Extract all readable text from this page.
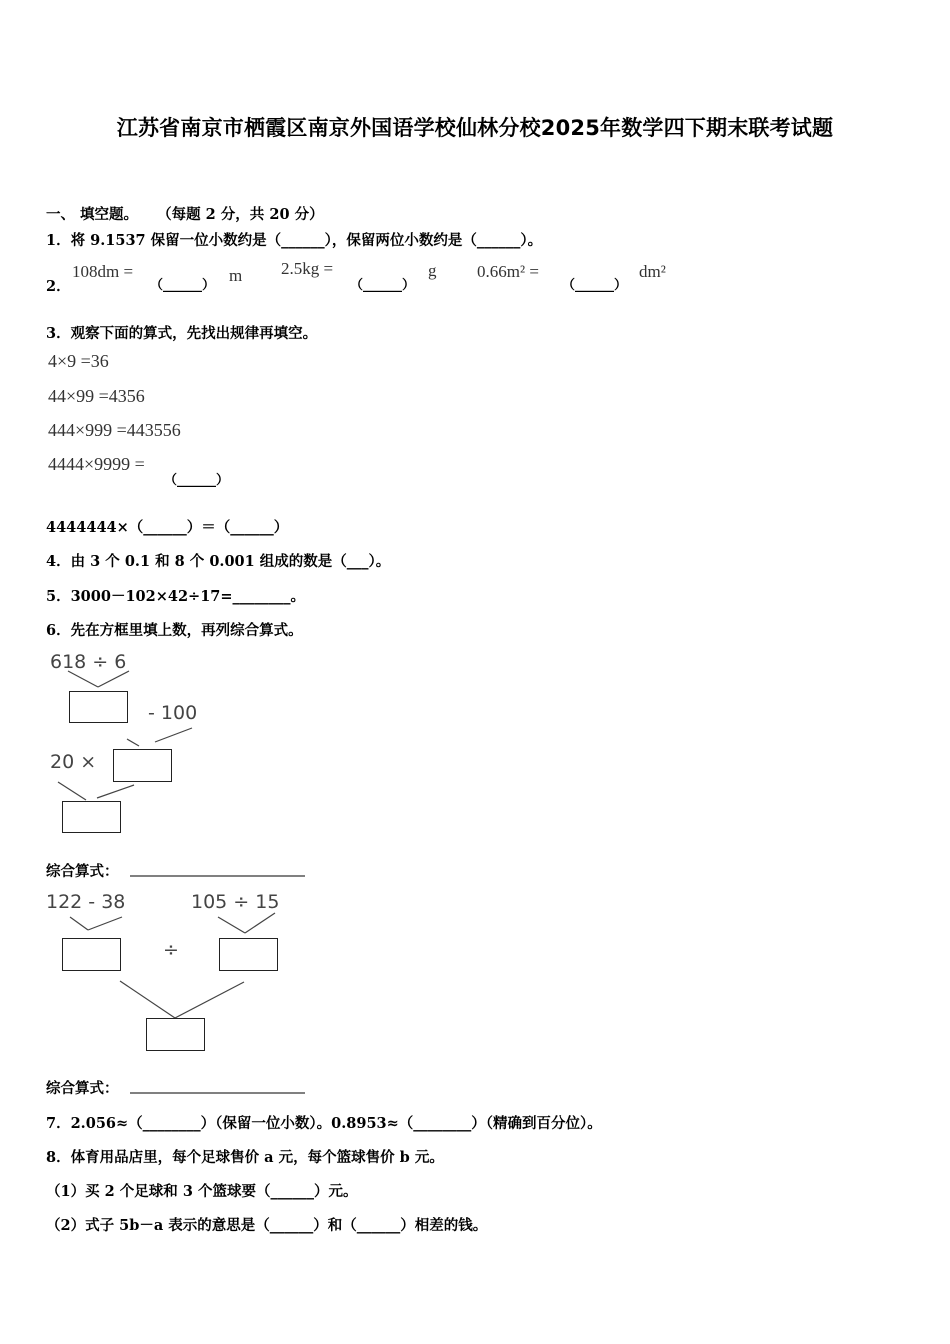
江苏省南京市栖霞区南京外国语学校仙林分校2025年数学四下期末联考试题
一、 填空题。 （每题 2 分，共 20 分）
1．将 9.1537 保留一位小数约是（______），保留两位小数约是（______）。
2．
108dm =
（______）
m 2.5kg =
（______）
g 0.66m² =
（______）
dm²
3．观察下面的算式，先找出规律再填空。
4×9 =36
44×99 =4356
444×999 =443556
4444×9999 =
（______）
4444444×（______）＝（______）
4．由 3 个 0.1 和 8 个 0.001 组成的数是（___）。
5．3000－102×42÷17=________。
6．先在方框里填上数，再列综合算式。
618 ÷ 6
- 100
20 ×
综合算式：
122 - 38	105 ÷ 15
÷
综合算式：
7．2.056≈（________）（保留一位小数）。0.8953≈（________）（精确到百分位）。
8．体育用品店里，每个足球售价 a 元，每个篮球售价 b 元。
（1）买 2 个足球和 3 个篮球要（______）元。
（2）式子 5b－a 表示的意思是（______）和（______）相差的钱。
